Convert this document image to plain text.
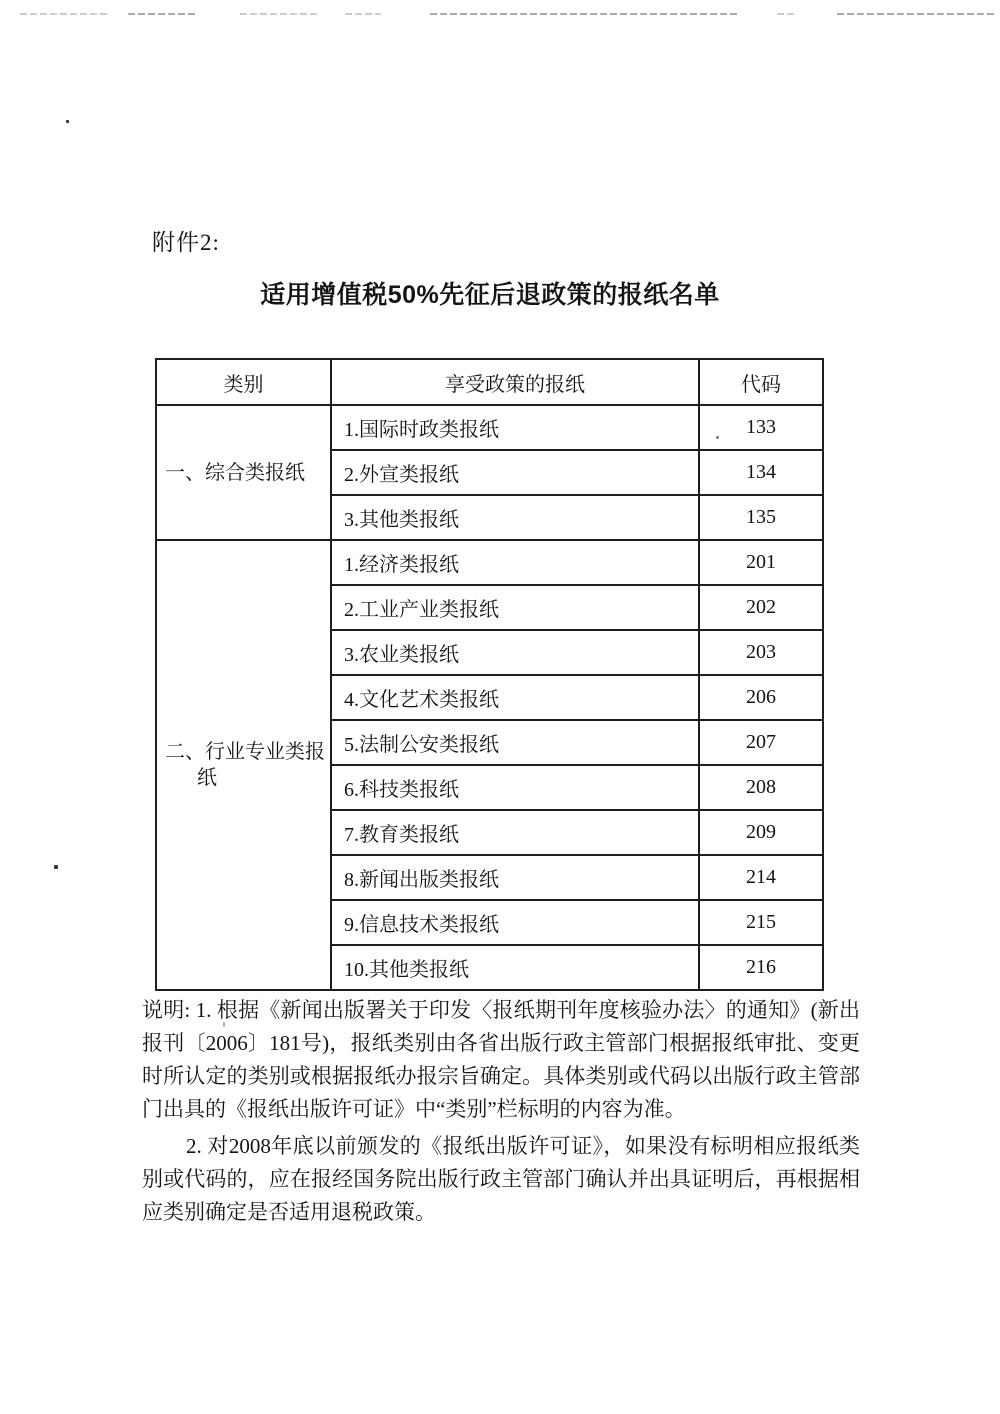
附件2:
适用增值税50%先征后退政策的报纸名单
类别	享受政策的报纸	代码
一、综合类报纸	1.国际时政类报纸	133
	2.外宣类报纸	134
	3.其他类报纸	135
二、行业专业类报纸	1.经济类报纸	201
	2.工业产业类报纸	202
	3.农业类报纸	203
	4.文化艺术类报纸	206
	5.法制公安类报纸	207
	6.科技类报纸	208
	7.教育类报纸	209
	8.新闻出版类报纸	214
	9.信息技术类报纸	215
	10.其他类报纸	216

说明: 1. 根据《新闻出版署关于印发〈报纸期刊年度核验办法〉的通知》(新出报刊〔2006〕181号)，报纸类别由各省出版行政主管部门根据报纸审批、变更时所认定的类别或根据报纸办报宗旨确定。具体类别或代码以出版行政主管部门出具的《报纸出版许可证》中“类别”栏标明的内容为准。

2. 对2008年底以前颁发的《报纸出版许可证》，如果没有标明相应报纸类别或代码的，应在报经国务院出版行政主管部门确认并出具证明后，再根据相应类别确定是否适用退税政策。
